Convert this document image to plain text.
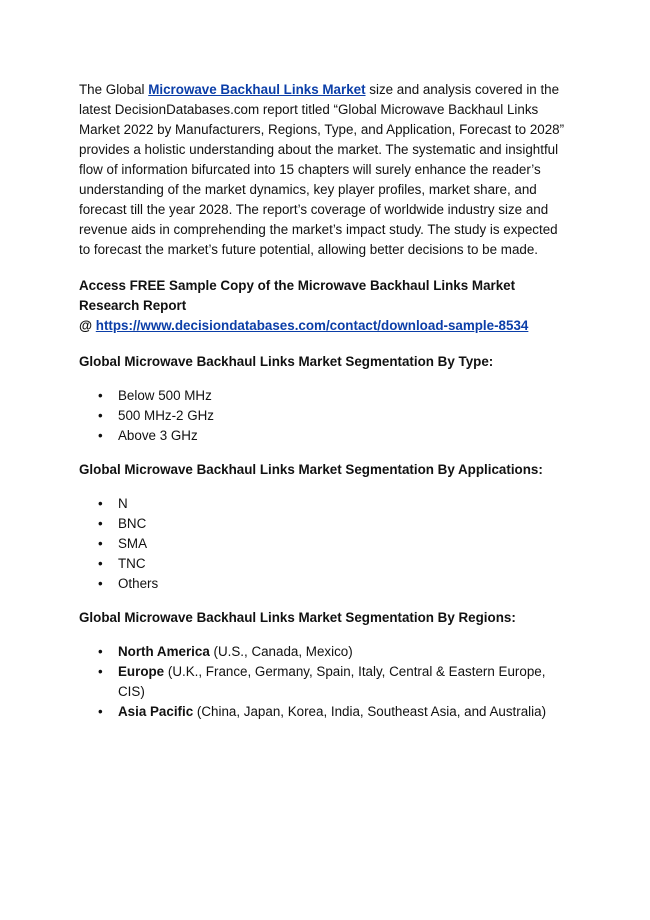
The Global Microwave Backhaul Links Market size and analysis covered in the latest DecisionDatabases.com report titled “Global Microwave Backhaul Links Market 2022 by Manufacturers, Regions, Type, and Application, Forecast to 2028” provides a holistic understanding about the market. The systematic and insightful flow of information bifurcated into 15 chapters will surely enhance the reader’s understanding of the market dynamics, key player profiles, market share, and forecast till the year 2028. The report’s coverage of worldwide industry size and revenue aids in comprehending the market’s impact study. The study is expected to forecast the market’s future potential, allowing better decisions to be made.

Access FREE Sample Copy of the Microwave Backhaul Links Market Research Report

@ https://www.decisiondatabases.com/contact/download-sample-8534

Global Microwave Backhaul Links Market Segmentation By Type:
• Below 500 MHz
• 500 MHz-2 GHz
• Above 3 GHz
Global Microwave Backhaul Links Market Segmentation By Applications:
• N
• BNC
• SMA
• TNC
• Others
Global Microwave Backhaul Links Market Segmentation By Regions:
• North America (U.S., Canada, Mexico)
• Europe (U.K., France, Germany, Spain, Italy, Central & Eastern Europe, CIS)
• Asia Pacific (China, Japan, Korea, India, Southeast Asia, and Australia)
